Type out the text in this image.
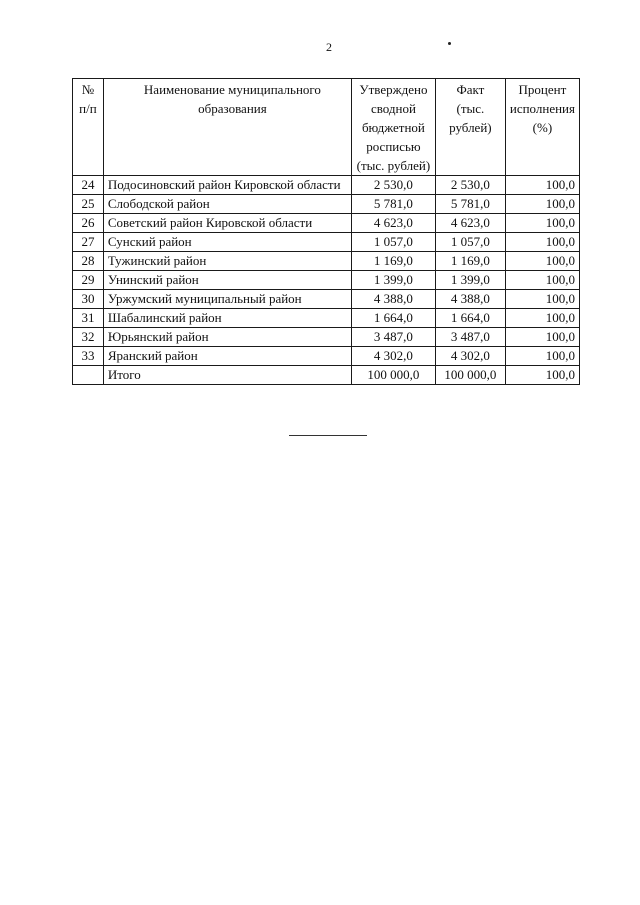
2
№ п/п	Наименование муниципального образования	Утверждено сводной бюджетной росписью (тыс. рублей)	Факт (тыс. рублей)	Процент исполнения (%)
24	Подосиновский район Кировской области	2 530,0	2 530,0	100,0
25	Слободской район	5 781,0	5 781,0	100,0
26	Советский район Кировской области	4 623,0	4 623,0	100,0
27	Сунский район	1 057,0	1 057,0	100,0
28	Тужинский район	1 169,0	1 169,0	100,0
29	Унинский район	1 399,0	1 399,0	100,0
30	Уржумский муниципальный район	4 388,0	4 388,0	100,0
31	Шабалинский район	1 664,0	1 664,0	100,0
32	Юрьянский район	3 487,0	3 487,0	100,0
33	Яранский район	4 302,0	4 302,0	100,0
	Итого	100 000,0	100 000,0	100,0
